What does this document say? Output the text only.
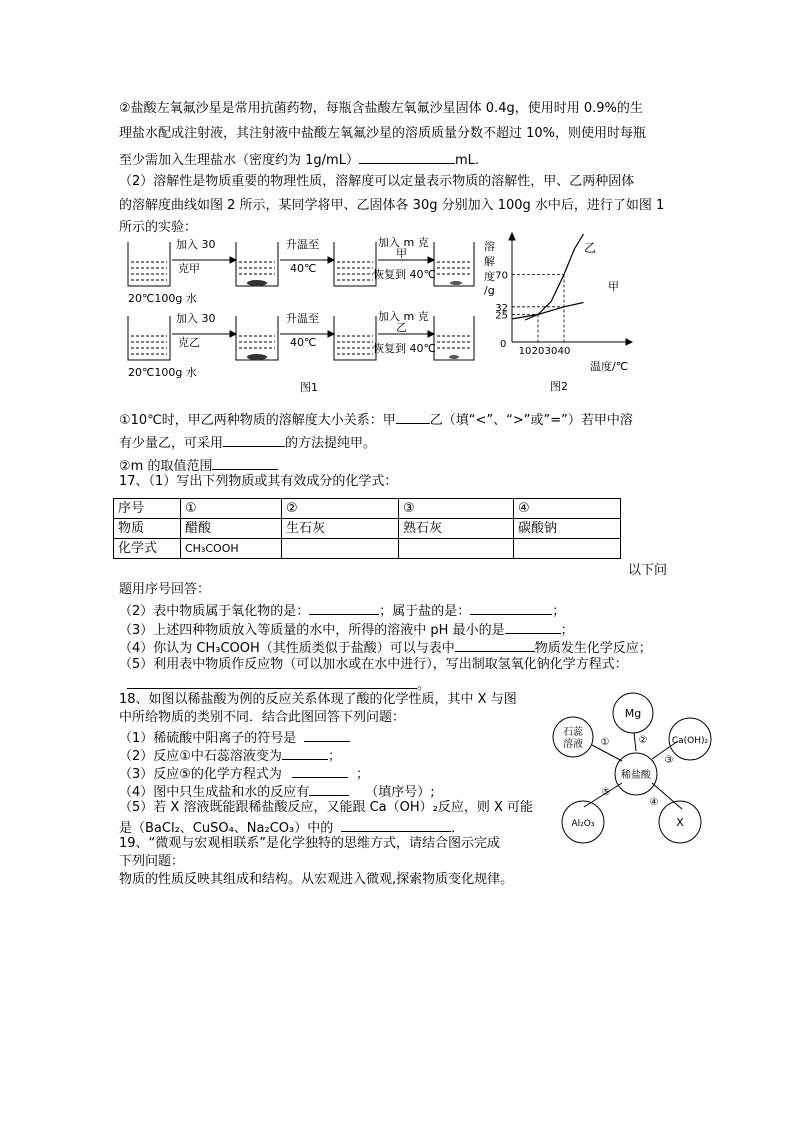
②盐酸左氧氟沙星是常用抗菌药物，每瓶含盐酸左氧氟沙星固体 0.4g，使用时用 0.9%的生
理盐水配成注射液，其注射液中盐酸左氧氟沙星的溶质质量分数不超过 10%，则使用时每瓶
至少需加入生理盐水（密度约为 1g/mL）	mL.
（2）溶解性是物质重要的物理性质，溶解度可以定量表示物质的溶解性，甲、乙两种固体
的溶解度曲线如图 2 所示，某同学将甲、乙固体各 30g 分别加入 100g 水中后，进行了如图 1
所示的实验：
加入 30
克甲
升温至
40℃
加入 m 克
甲
恢复到 40℃
20℃100g 水
加入 30
克乙
升温至
40℃
加入 m 克
乙
恢复到 40℃
20℃100g 水
图1
10 20 30 40
25
32
70
溶
解
度
/g
0
温度/℃
图2
乙
甲
①10℃时，甲乙两种物质的溶解度大小关系：甲	乙（填“<”、“>”或”=”）若甲中溶
有少量乙，可采用	的方法提纯甲。
②m 的取值范围
17、（1）写出下列物质或其有效成分的化学式：
序号	①	②	③	④
物质	醋酸	生石灰	熟石灰	碳酸钠
化学式	CH₃COOH			
以下问
题用序号回答：
（2）表中物质属于氧化物的是：	；属于盐的是：	；
（3）上述四种物质放入等质量的水中，所得的溶液中 pH 最小的是	；
（4）你认为 CH₃COOH（其性质类似于盐酸）可以与表中	物质发生化学反应；
（5）利用表中物质作反应物（可以加水或在水中进行），写出制取氢氧化钠化学方程式：
。
18、如图以稀盐酸为例的反应关系体现了酸的化学性质，其中 X 与图
中所给物质的类别不同．结合此图回答下列问题：
（1）稀硫酸中阳离子的符号是
（2）反应①中石蕊溶液变为	；
（3）反应⑤的化学方程式为	；
（4）图中只生成盐和水的反应有	（填序号）;
（5）若 X 溶液既能跟稀盐酸反应，又能跟 Ca（OH）₂反应，则 X 可能
是（BaCl₂、CuSO₄、Na₂CO₃）中的	．
Mg
石蕊
溶液	Ca(OH)₂
稀盐酸
Al₂O₃	X
①	②
③
④
⑤
19、“微观与宏观相联系”是化学独特的思维方式，请结合图示完成
下列问题：
物质的性质反映其组成和结构。从宏观进入微观,探索物质变化规律。
